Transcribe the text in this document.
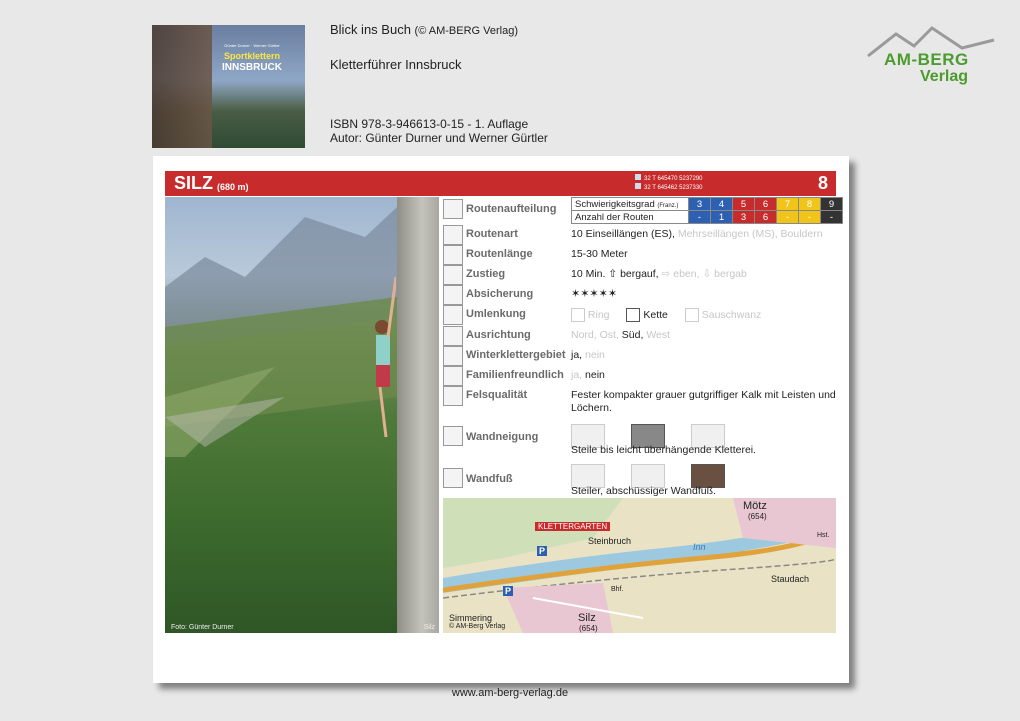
Günter Durner · Werner Gürtler
Sportklettern
INNSBRUCK
Blick ins Buch (© AM-BERG Verlag)
Kletterführer Innsbruck
ISBN 978-3-946613-0-15 - 1. Auflage
Autor: Günter Durner und Werner Gürtler
AM-BERG
Verlag
SILZ (680 m)
32 T 645470 5237290
32 T 645462 5237330	8
Foto: Günter Durner	Silz
Schwierigkeitsgrad (Franz.)	3	4	5	6	7	8	9
Anzahl der Routen	-	1	3	6	-	-	-
Routenaufteilung
Routenart	10 Einseillängen (ES), Mehrseillängen (MS), Bouldern
Routenlänge	15-30 Meter
Zustieg	10 Min. ⇧ bergauf, ⇨ eben, ⇩ bergab
Absicherung	✶✶✶✶✶
Umlenkung	Ring	Kette	Sauschwanz
Ausrichtung	Nord, Ost, Süd, West
Winterklettergebiet ja, nein
Familienfreundlich ja, nein
Felsqualität	Fester kompakter grauer gutgriffiger Kalk mit Leisten und
Löchern.
Wandneigung
Steile bis leicht überhängende Kletterei.
Wandfuß
Steiler, abschüssiger Wandfuß.
KLETTERGARTEN
P
P
Mötz
(654)
Steinbruch
Inn
Staudach
Hst.
Bhf.
Simmering	Silz
(654)
© AM-Berg Verlag
www.am-berg-verlag.de
